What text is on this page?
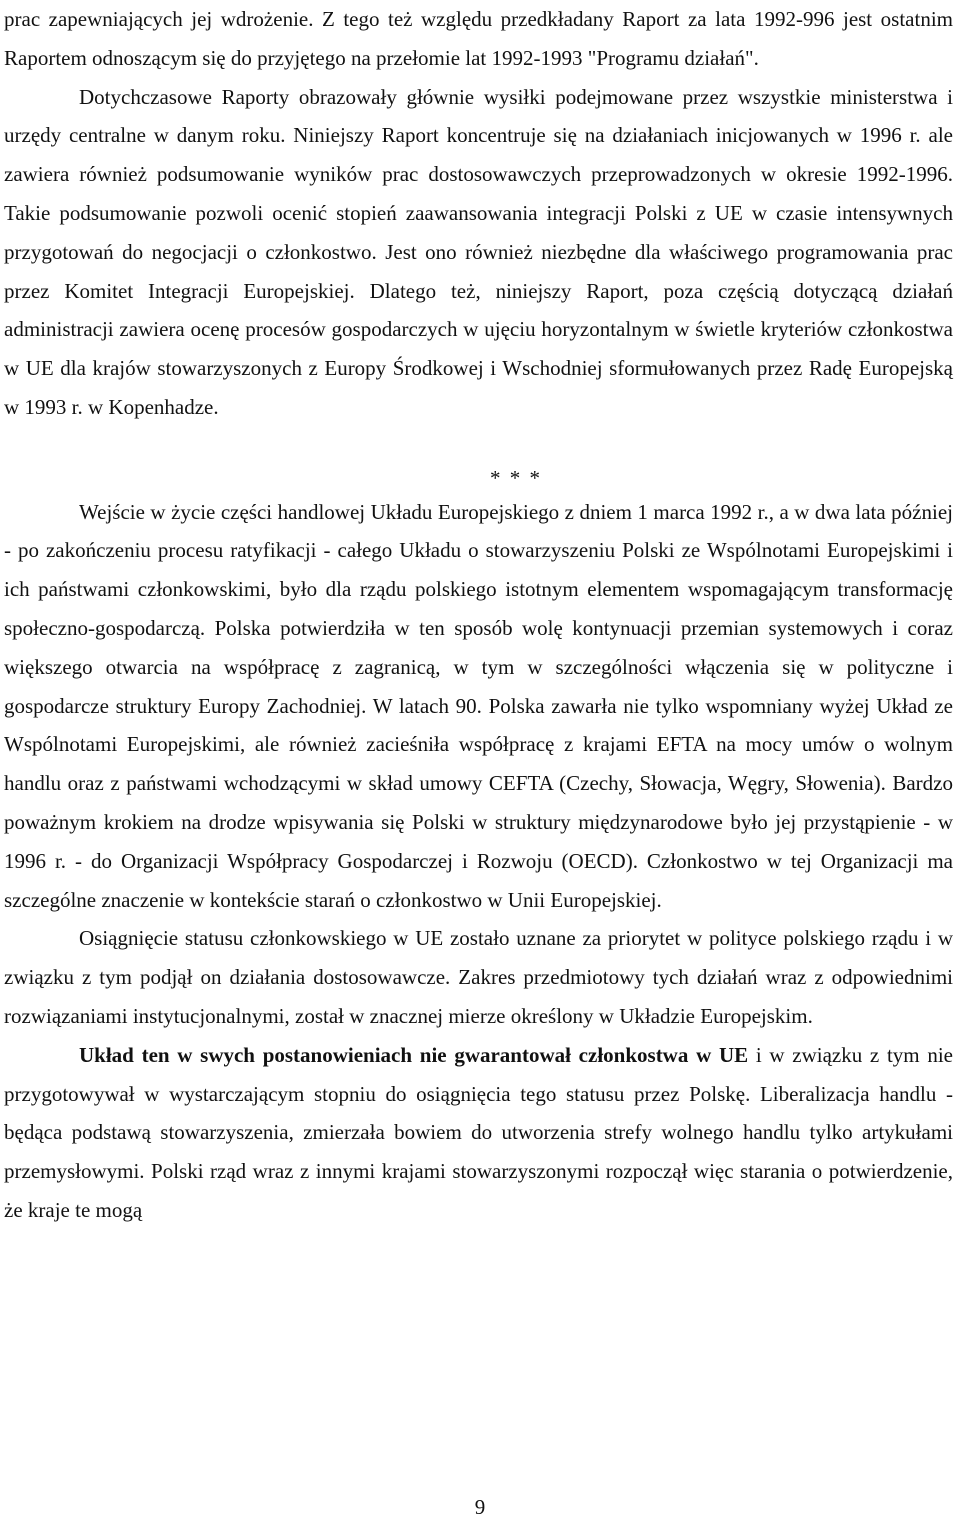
prac zapewniających jej wdrożenie. Z tego też względu przedkładany Raport za lata 1992-996 jest ostatnim Raportem odnoszącym się do przyjętego na przełomie lat 1992-1993 "Programu działań".

Dotychczasowe Raporty obrazowały głównie wysiłki podejmowane przez wszystkie ministerstwa i urzędy centralne w danym roku. Niniejszy Raport koncentruje się na działaniach inicjowanych w 1996 r. ale zawiera również podsumowanie wyników prac dostosowawczych przeprowadzonych w okresie 1992-1996. Takie podsumowanie pozwoli ocenić stopień zaawansowania integracji Polski z UE w czasie intensywnych przygotowań do negocjacji o członkostwo. Jest ono również niezbędne dla właściwego programowania prac przez Komitet Integracji Europejskiej. Dlatego też, niniejszy Raport, poza częścią dotyczącą działań administracji zawiera ocenę procesów gospodarczych w ujęciu horyzontalnym w świetle kryteriów członkostwa w UE dla krajów stowarzyszonych z Europy Środkowej i Wschodniej sformułowanych przez Radę Europejską w 1993 r. w Kopenhadze.

* * *

Wejście w życie części handlowej Układu Europejskiego z dniem 1 marca 1992 r., a w dwa lata później - po zakończeniu procesu ratyfikacji - całego Układu o stowarzyszeniu Polski ze Wspólnotami Europejskimi i ich państwami członkowskimi, było dla rządu polskiego istotnym elementem wspomagającym transformację społeczno-gospodarczą. Polska potwierdziła w ten sposób wolę kontynuacji przemian systemowych i coraz większego otwarcia na współpracę z zagranicą, w tym w szczególności włączenia się w polityczne i gospodarcze struktury Europy Zachodniej. W latach 90. Polska zawarła nie tylko wspomniany wyżej Układ ze Wspólnotami Europejskimi, ale również zacieśniła współpracę z krajami EFTA na mocy umów o wolnym handlu oraz z państwami wchodzącymi w skład umowy CEFTA (Czechy, Słowacja, Węgry, Słowenia). Bardzo poważnym krokiem na drodze wpisywania się Polski w struktury międzynarodowe było jej przystąpienie - w 1996 r. - do Organizacji Współpracy Gospodarczej i Rozwoju (OECD). Członkostwo w tej Organizacji ma szczególne znaczenie w kontekście starań o członkostwo w Unii Europejskiej.

Osiągnięcie statusu członkowskiego w UE zostało uznane za priorytet w polityce polskiego rządu i w związku z tym podjął on działania dostosowawcze. Zakres przedmiotowy tych działań wraz z odpowiednimi rozwiązaniami instytucjonalnymi, został w znacznej mierze określony w Układzie Europejskim.

Układ ten w swych postanowieniach nie gwarantował członkostwa w UE i w związku z tym nie przygotowywał w wystarczającym stopniu do osiągnięcia tego statusu przez Polskę. Liberalizacja handlu - będąca podstawą stowarzyszenia, zmierzała bowiem do utworzenia strefy wolnego handlu tylko artykułami przemysłowymi. Polski rząd wraz z innymi krajami stowarzyszonymi rozpoczął więc starania o potwierdzenie, że kraje te mogą

9
